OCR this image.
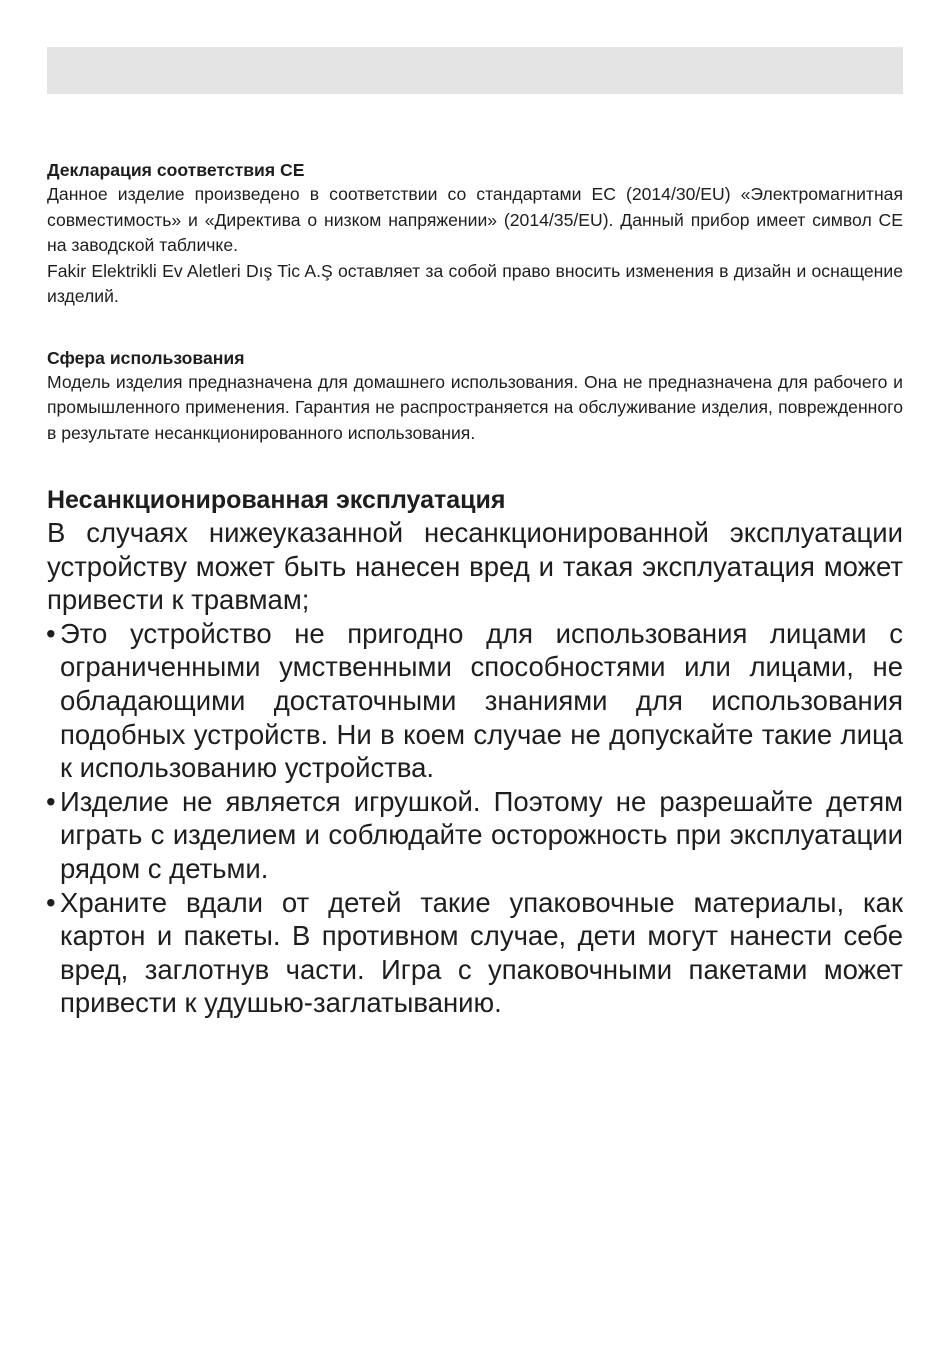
Декларация соответствия CE

Данное изделие произведено в соответствии со стандартами ЕС (2014/30/EU) «Электромагнитная совместимость» и «Директива о низком напряжении» (2014/35/EU). Данный прибор имеет символ CE на заводской табличке.

Fakir Elektrikli Ev Aletleri Dış Tic A.Ş оставляет за собой право вносить изменения в дизайн и оснащение изделий.

Сфера использования

Модель изделия предназначена для домашнего использования. Она не предназначена для рабочего и промышленного применения. Гарантия не распространяется на обслуживание изделия, поврежденного в результате несанкционированного использования.

Несанкционированная эксплуатация

В случаях нижеуказанной несанкционированной эксплуатации устройству может быть нанесен вред и такая эксплуатация может привести к травмам;

• Это устройство не пригодно для использования лицами с ограниченными умственными способностями или лицами, не обладающими достаточными знаниями для использования подобных устройств. Ни в коем случае не допускайте такие лица к использованию устройства.
• Изделие не является игрушкой. Поэтому не разрешайте детям играть с изделием и соблюдайте осторожность при эксплуатации рядом с детьми.
• Храните вдали от детей такие упаковочные материалы, как картон и пакеты. В противном случае, дети могут нанести себе вред, заглотнув части. Игра с упаковочными пакетами может привести к удушью-заглатыванию.
